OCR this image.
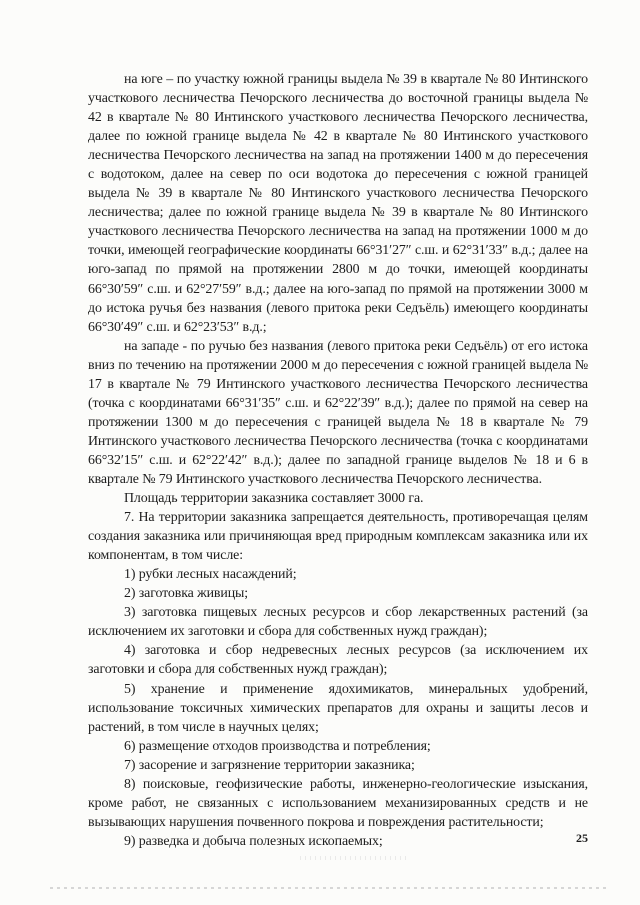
на юге – по участку южной границы выдела № 39 в квартале № 80 Интинского участкового лесничества Печорского лесничества до восточной границы выдела № 42 в квартале № 80 Интинского участкового лесничества Печорского лесничества, далее по южной границе выдела № 42 в квартале № 80 Интинского участкового лесничества Печорского лесничества на запад на протяжении 1400 м до пересечения с водотоком, далее на север по оси водотока до пересечения с южной границей выдела № 39 в квартале № 80 Интинского участкового лесничества Печорского лесничества; далее по южной границе выдела № 39 в квартале № 80 Интинского участкового лесничества Печорского лесничества на запад на протяжении 1000 м до точки, имеющей географические координаты 66°31′27″ с.ш. и 62°31′33″ в.д.; далее на юго-запад по прямой на протяжении 2800 м до точки, имеющей координаты 66°30′59″ с.ш. и 62°27′59″ в.д.; далее на юго-запад по прямой на протяжении 3000 м до истока ручья без названия (левого притока реки Седъёль) имеющего координаты 66°30′49″ с.ш. и 62°23′53″ в.д.;

на западе - по ручью без названия (левого притока реки Седъёль) от его истока вниз по течению на протяжении 2000 м до пересечения с южной границей выдела № 17 в квартале № 79 Интинского участкового лесничества Печорского лесничества (точка с координатами 66°31′35″ с.ш. и 62°22′39″ в.д.); далее по прямой на север на протяжении 1300 м до пересечения с границей выдела № 18 в квартале № 79 Интинского участкового лесничества Печорского лесничества (точка с координатами 66°32′15″ с.ш. и 62°22′42″ в.д.); далее по западной границе выделов № 18 и 6 в квартале № 79 Интинского участкового лесничества Печорского лесничества.

Площадь территории заказника составляет 3000 га.

7. На территории заказника запрещается деятельность, противоречащая целям создания заказника или причиняющая вред природным комплексам заказника или их компонентам, в том числе:

1) рубки лесных насаждений;

2) заготовка живицы;

3) заготовка пищевых лесных ресурсов и сбор лекарственных растений (за исключением их заготовки и сбора для собственных нужд граждан);

4) заготовка и сбор недревесных лесных ресурсов (за исключением их заготовки и сбора для собственных нужд граждан);

5) хранение и применение ядохимикатов, минеральных удобрений, использование токсичных химических препаратов для охраны и защиты лесов и растений, в том числе в научных целях;

6) размещение отходов производства и потребления;

7) засорение и загрязнение территории заказника;

8) поисковые, геофизические работы, инженерно-геологические изыскания, кроме работ, не связанных с использованием механизированных средств и не вызывающих нарушения почвенного покрова и повреждения растительности;

9) разведка и добыча полезных ископаемых;	25
